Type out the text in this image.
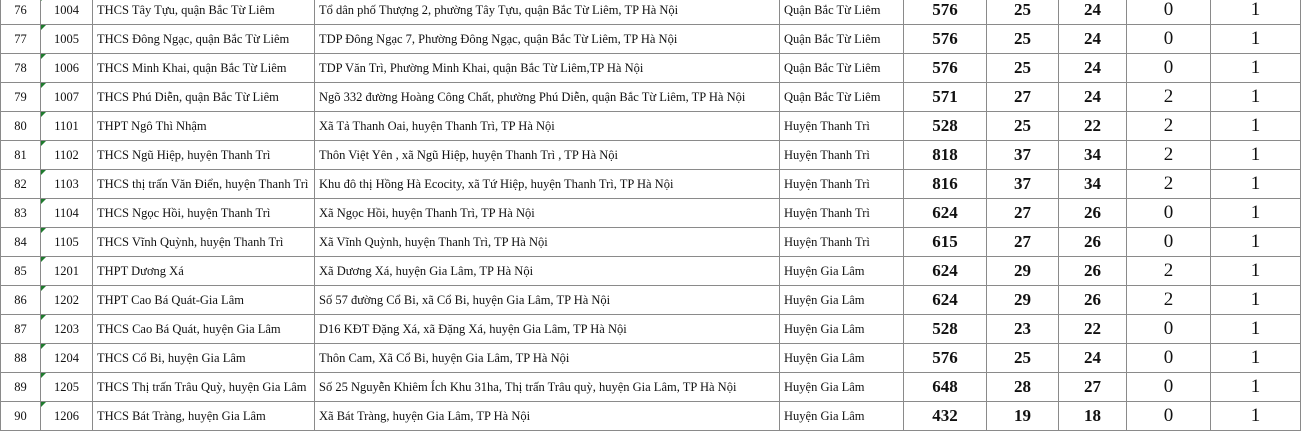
76	1004	THCS Tây Tựu, quận Bắc Từ Liêm	Tổ dân phố Thượng 2, phường Tây Tựu, quận Bắc Từ Liêm, TP Hà Nội	Quận Bắc Từ Liêm	576	25	24	0	1
77	1005	THCS Đông Ngạc, quận Bắc Từ Liêm	TDP Đông Ngạc 7, Phường Đông Ngạc, quận Bắc Từ Liêm, TP Hà Nội	Quận Bắc Từ Liêm	576	25	24	0	1
78	1006	THCS Minh Khai, quận Bắc Từ Liêm	TDP Văn Trì, Phường Minh Khai, quận Bắc Từ Liêm,TP Hà Nội	Quận Bắc Từ Liêm	576	25	24	0	1
79	1007	THCS Phú Diễn, quận Bắc Từ Liêm	Ngõ 332 đường Hoàng Công Chất, phường Phú Diễn, quận Bắc Từ Liêm, TP Hà Nội	Quận Bắc Từ Liêm	571	27	24	2	1
80	1101	THPT Ngô Thì Nhậm	Xã Tả Thanh Oai, huyện Thanh Trì, TP Hà Nội	Huyện Thanh Trì	528	25	22	2	1
81	1102	THCS Ngũ Hiệp, huyện Thanh Trì	Thôn Việt Yên , xã Ngũ Hiệp, huyện Thanh Trì , TP Hà Nội	Huyện Thanh Trì	818	37	34	2	1
82	1103	THCS thị trấn Văn Điển, huyện Thanh Trì	Khu đô thị Hồng Hà Ecocity, xã Tứ Hiệp, huyện Thanh Trì, TP Hà Nội	Huyện Thanh Trì	816	37	34	2	1
83	1104	THCS Ngọc Hồi, huyện Thanh Trì	Xã Ngọc Hồi, huyện Thanh Trì, TP Hà Nội	Huyện Thanh Trì	624	27	26	0	1
84	1105	THCS Vĩnh Quỳnh, huyện Thanh Trì	Xã Vĩnh Quỳnh, huyện Thanh Trì, TP Hà Nội	Huyện Thanh Trì	615	27	26	0	1
85	1201	THPT Dương Xá	Xã Dương Xá, huyện Gia Lâm, TP Hà Nội	Huyện Gia Lâm	624	29	26	2	1
86	1202	THPT Cao Bá Quát-Gia Lâm	Số 57 đường Cổ Bi, xã Cổ Bi, huyện Gia Lâm, TP Hà Nội	Huyện Gia Lâm	624	29	26	2	1
87	1203	THCS Cao Bá Quát, huyện Gia Lâm	D16 KĐT Đặng Xá, xã Đặng Xá, huyện Gia Lâm, TP Hà Nội	Huyện Gia Lâm	528	23	22	0	1
88	1204	THCS Cổ Bi, huyện Gia Lâm	Thôn Cam, Xã Cổ Bi, huyện Gia Lâm, TP Hà Nội	Huyện Gia Lâm	576	25	24	0	1
89	1205	THCS Thị trấn Trâu Quỳ, huyện Gia Lâm	Số 25 Nguyễn Khiêm Ích Khu 31ha, Thị trấn Trâu quỳ, huyện Gia Lâm, TP Hà Nội	Huyện Gia Lâm	648	28	27	0	1
90	1206	THCS Bát Tràng, huyện Gia Lâm	Xã Bát Tràng, huyện Gia Lâm, TP Hà Nội	Huyện Gia Lâm	432	19	18	0	1
